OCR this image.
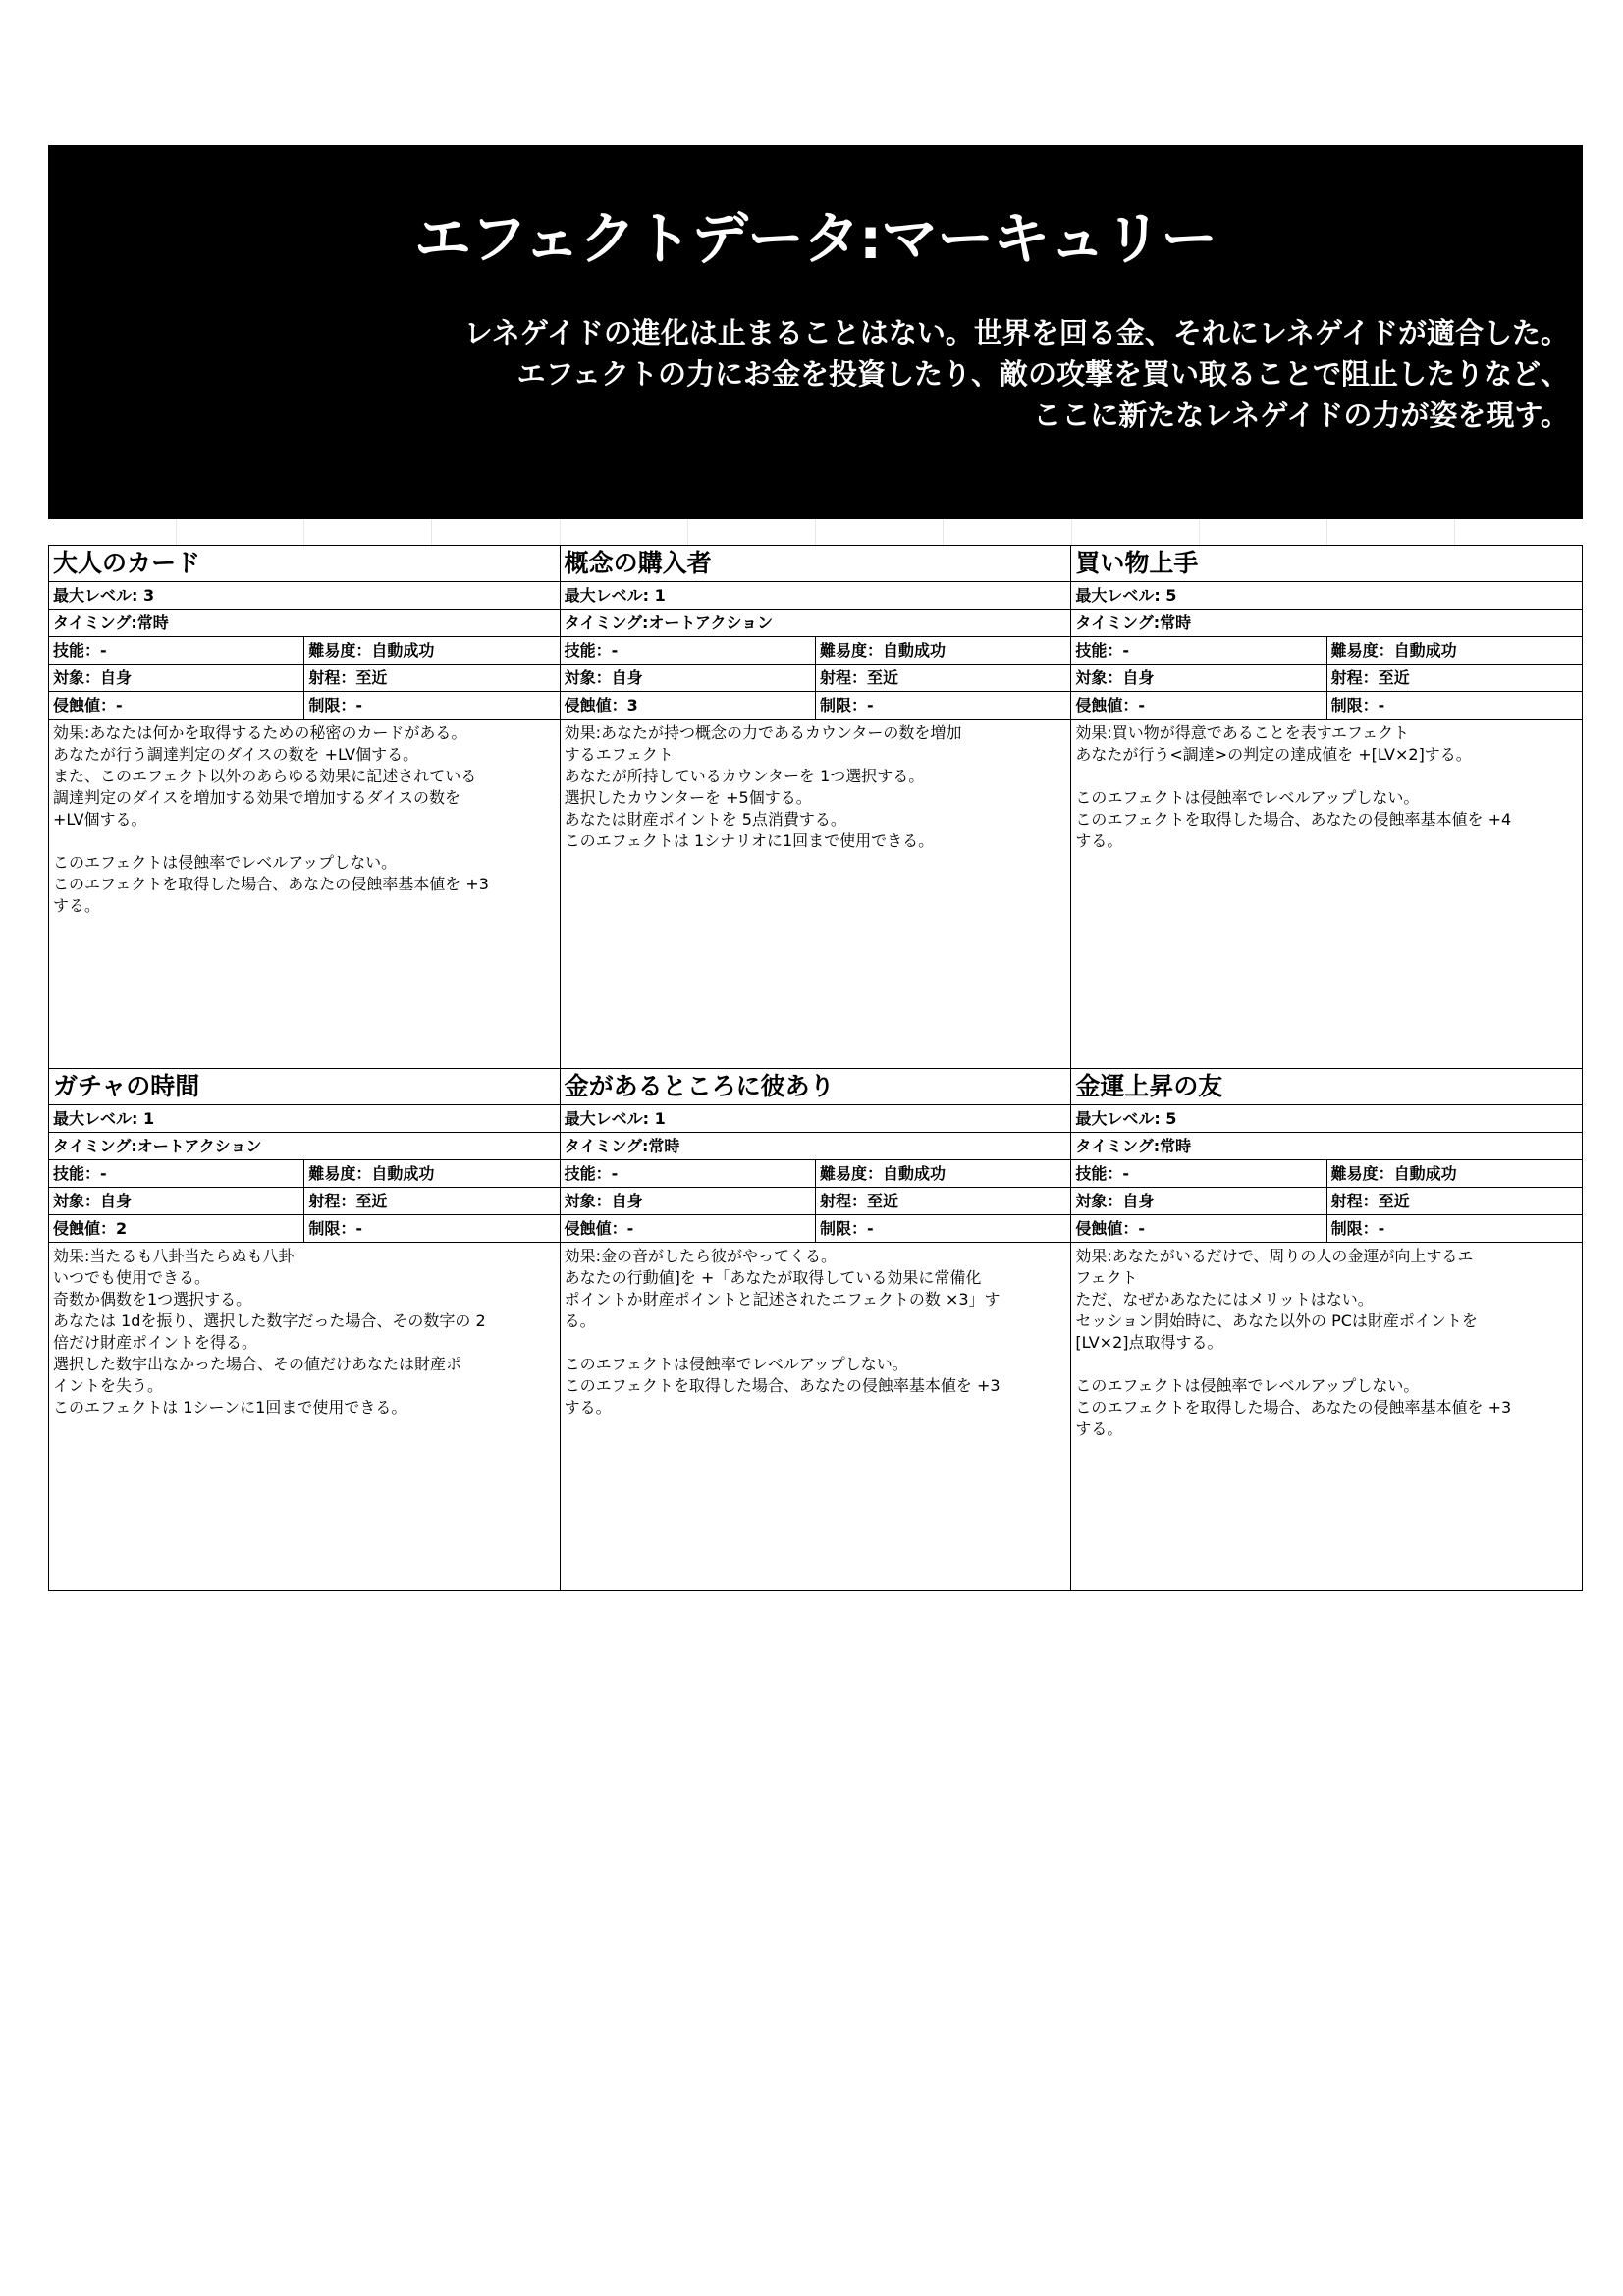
エフェクトデータ:マーキュリー
レネゲイドの進化は止まることはない。世界を回る金、それにレネゲイドが適合した。
エフェクトの力にお金を投資したり、敵の攻撃を買い取ることで阻止したりなど、
ここに新たなレネゲイドの力が姿を現す。
大人のカード
最大レベル: 3
タイミング:常時
技能：-	難易度：自動成功
対象：自身	射程：至近
侵蝕値：-	制限：-
効果:あなたは何かを取得するための秘密のカードがある。
あなたが行う調達判定のダイスの数を +LV個する。
また、このエフェクト以外のあらゆる効果に記述されている
調達判定のダイスを増加する効果で増加するダイスの数を
+LV個する。

このエフェクトは侵蝕率でレベルアップしない。
このエフェクトを取得した場合、あなたの侵蝕率基本値を +3
する。
概念の購入者
最大レベル: 1
タイミング:オートアクション
技能：-	難易度：自動成功
対象：自身	射程：至近
侵蝕値：3	制限：-
効果:あなたが持つ概念の力であるカウンターの数を増加
するエフェクト
あなたが所持しているカウンターを 1つ選択する。
選択したカウンターを +5個する。
あなたは財産ポイントを 5点消費する。
このエフェクトは 1シナリオに1回まで使用できる。
買い物上手
最大レベル: 5
タイミング:常時
技能：-	難易度：自動成功
対象：自身	射程：至近
侵蝕値：-	制限：-
効果:買い物が得意であることを表すエフェクト
あなたが行う<調達>の判定の達成値を +[LV×2]する。

このエフェクトは侵蝕率でレベルアップしない。
このエフェクトを取得した場合、あなたの侵蝕率基本値を +4
する。
ガチャの時間
最大レベル: 1
タイミング:オートアクション
技能：-	難易度：自動成功
対象：自身	射程：至近
侵蝕値：2	制限：-
効果:当たるも八卦当たらぬも八卦
いつでも使用できる。
奇数か偶数を1つ選択する。
あなたは 1dを振り、選択した数字だった場合、その数字の 2
倍だけ財産ポイントを得る。
選択した数字出なかった場合、その値だけあなたは財産ポ
イントを失う。
このエフェクトは 1シーンに1回まで使用できる。
金があるところに彼あり
最大レベル: 1
タイミング:常時
技能：-	難易度：自動成功
対象：自身	射程：至近
侵蝕値：-	制限：-
効果:金の音がしたら彼がやってくる。
あなたの行動値]を +「あなたが取得している効果に常備化
ポイントか財産ポイントと記述されたエフェクトの数 ×3」す
る。

このエフェクトは侵蝕率でレベルアップしない。
このエフェクトを取得した場合、あなたの侵蝕率基本値を +3
する。
金運上昇の友
最大レベル: 5
タイミング:常時
技能：-	難易度：自動成功
対象：自身	射程：至近
侵蝕値：-	制限：-
効果:あなたがいるだけで、周りの人の金運が向上するエ
フェクト
ただ、なぜかあなたにはメリットはない。
セッション開始時に、あなた以外の PCは財産ポイントを
[LV×2]点取得する。

このエフェクトは侵蝕率でレベルアップしない。
このエフェクトを取得した場合、あなたの侵蝕率基本値を +3
する。
